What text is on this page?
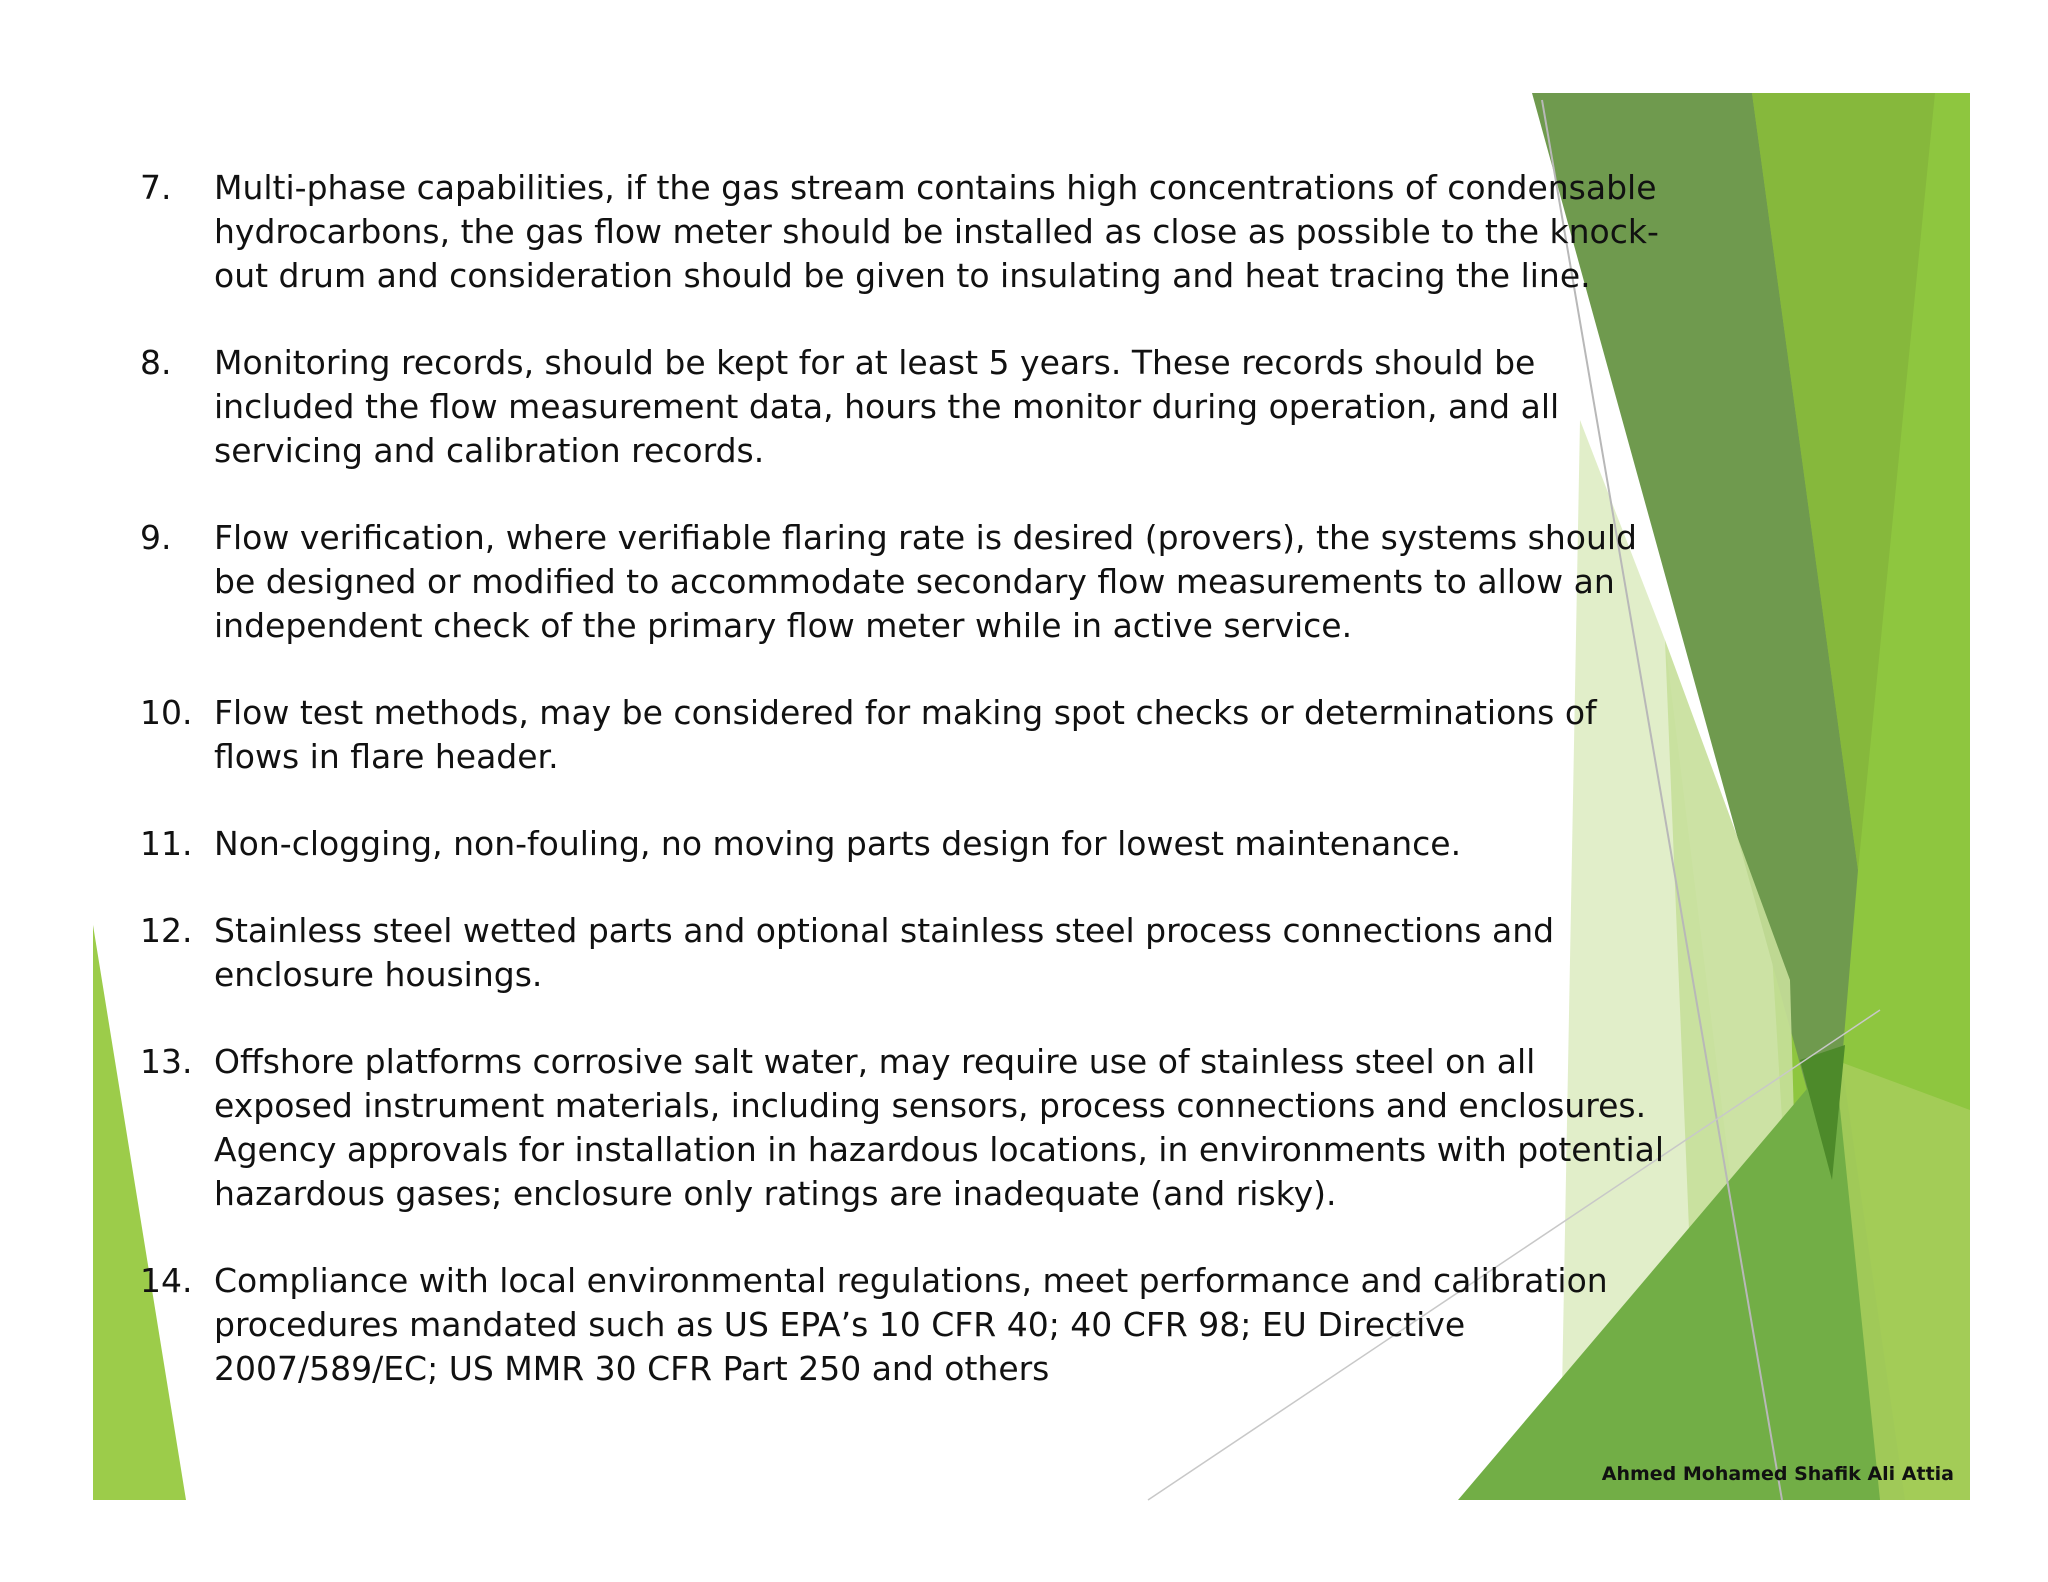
7.	Multi-phase capabilities, if the gas stream contains high concentrations of condensable hydrocarbons, the gas flow meter should be installed as close as possible to the knock-out drum and consideration should be given to insulating and heat tracing the line.
8.	Monitoring records, should be kept for at least 5 years. These records should be included the flow measurement data, hours the monitor during operation, and all servicing and calibration records.
9.	Flow verification, where verifiable flaring rate is desired (provers), the systems should be designed or modified to accommodate secondary flow measurements to allow an independent check of the primary flow meter while in active service.
10. Flow test methods, may be considered for making spot checks or determinations of flows in flare header.
11. Non-clogging, non-fouling, no moving parts design for lowest maintenance.
12. Stainless steel wetted parts and optional stainless steel process connections and enclosure housings.
13. Offshore platforms corrosive salt water, may require use of stainless steel on all exposed instrument materials, including sensors, process connections and enclosures. Agency approvals for installation in hazardous locations, in environments with potential hazardous gases; enclosure only ratings are inadequate (and risky).
14. Compliance with local environmental regulations, meet performance and calibration procedures mandated such as US EPA’s 10 CFR 40; 40 CFR 98; EU Directive 2007/589/EC; US MMR 30 CFR Part 250 and others
Ahmed Mohamed Shafik Ali Attia
